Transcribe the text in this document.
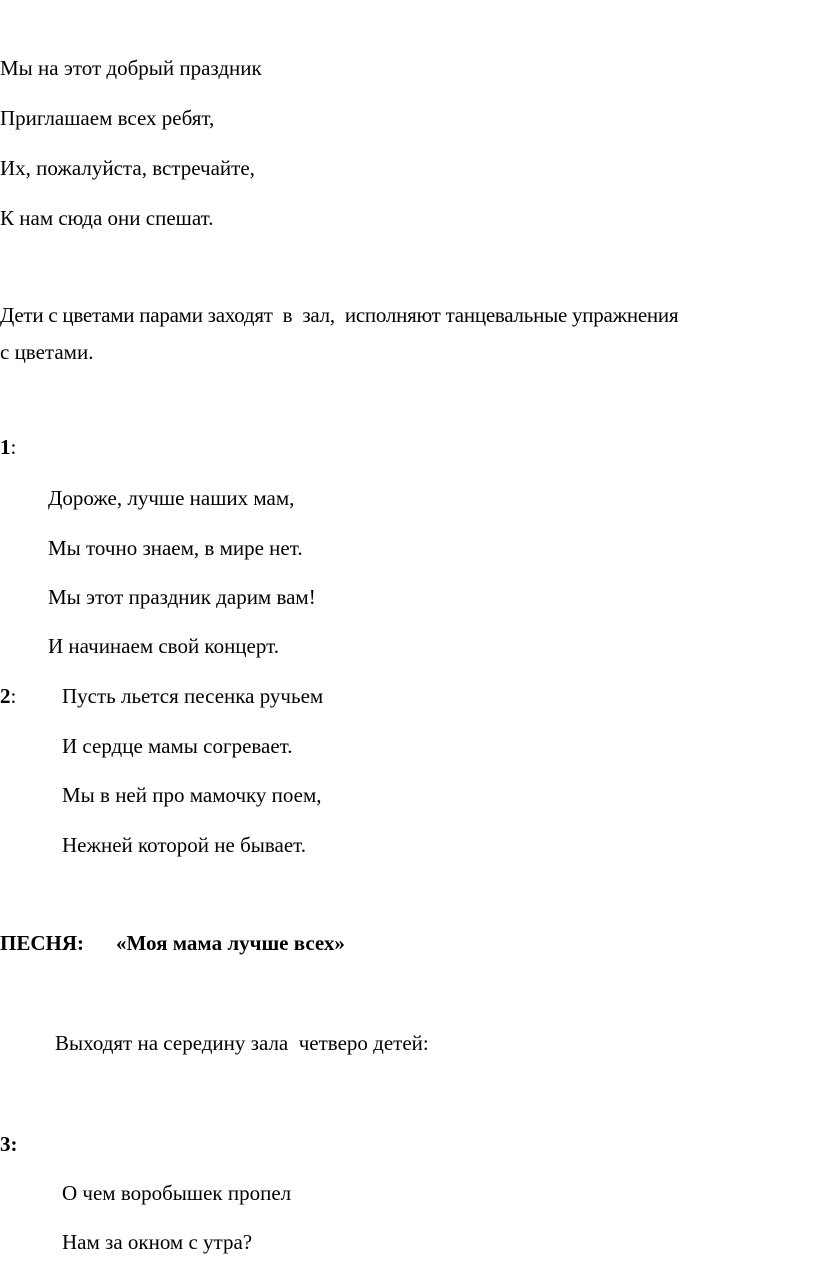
Мы на этот добрый праздник
Приглашаем всех ребят,
Их, пожалуйста, встречайте,
К нам сюда они спешат.
Дети с цветами парами заходят  в  зал,  исполняют танцевальные упражнения
с цветами.
1:
Дороже, лучше наших мам,
Мы точно знаем, в мире нет.
Мы этот праздник дарим вам!
И начинаем свой концерт.
2: Пусть льется песенка ручьем
И сердце мамы согревает.
Мы в ней про мамочку поем,
Нежней которой не бывает.
ПЕСНЯ: «Моя мама лучше всех»
Выходят на середину зала  четверо детей:
3:
О чем воробышек пропел
Нам за окном с утра?
